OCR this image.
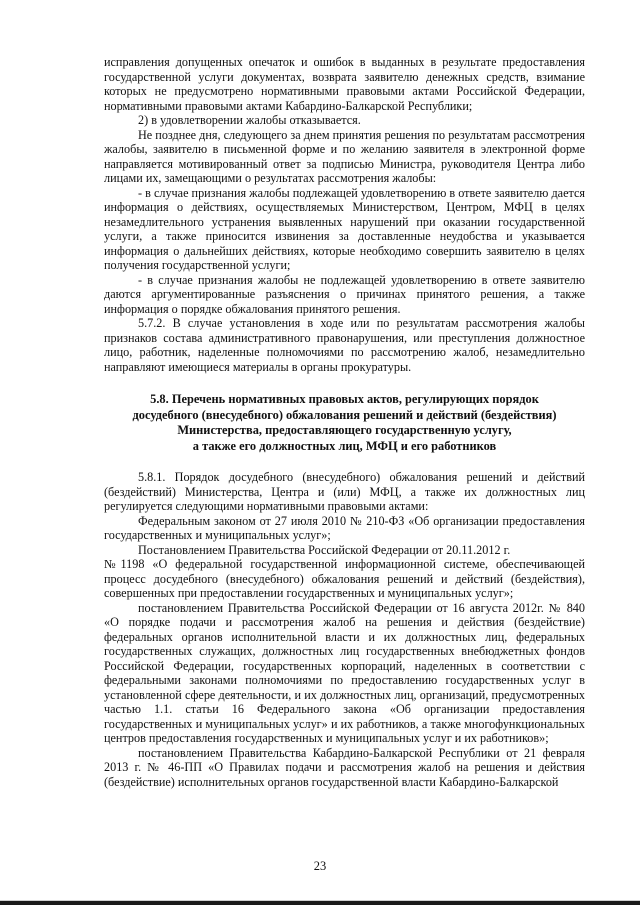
исправления допущенных опечаток и ошибок в выданных в результате предоставления государственной услуги документах, возврата заявителю денежных средств, взимание которых не предусмотрено нормативными правовыми актами Российской Федерации, нормативными правовыми актами Кабардино-Балкарской Республики;

2) в удовлетворении жалобы отказывается.

Не позднее дня, следующего за днем принятия решения по результатам рассмотрения жалобы, заявителю в письменной форме и по желанию заявителя в электронной форме направляется мотивированный ответ за подписью Министра, руководителя Центра либо лицами их, замещающими о результатах рассмотрения жалобы:

- в случае признания жалобы подлежащей удовлетворению в ответе заявителю дается информация о действиях, осуществляемых Министерством, Центром, МФЦ в целях незамедлительного устранения выявленных нарушений при оказании государственной услуги, а также приносится извинения за доставленные неудобства и указывается информация о дальнейших действиях, которые необходимо совершить заявителю в целях получения государственной услуги;

- в случае признания жалобы не подлежащей удовлетворению в ответе заявителю даются аргументированные разъяснения о причинах принятого решения, а также информация о порядке обжалования принятого решения.

5.7.2. В случае установления в ходе или по результатам рассмотрения жалобы признаков состава административного правонарушения, или преступления должностное лицо, работник, наделенные полномочиями по рассмотрению жалоб, незамедлительно направляют имеющиеся материалы в органы прокуратуры.

5.8. Перечень нормативных правовых актов, регулирующих порядок
досудебного (внесудебного) обжалования решений и действий (бездействия)
Министерства, предоставляющего государственную услугу,
а также его должностных лиц, МФЦ и его работников

5.8.1. Порядок досудебного (внесудебного) обжалования решений и действий (бездействий) Министерства, Центра и (или) МФЦ, а также их должностных лиц регулируется следующими нормативными правовыми актами:

Федеральным законом от 27 июля 2010 № 210-ФЗ «Об организации предоставления государственных и муниципальных услуг»;

Постановлением Правительства Российской Федерации от 20.11.2012 г.

№1198 «О федеральной государственной информационной системе, обеспечивающей процесс досудебного (внесудебного) обжалования решений и действий (бездействия), совершенных при предоставлении государственных и муниципальных услуг»;

постановлением Правительства Российской Федерации от 16 августа 2012г. № 840 «О порядке подачи и рассмотрения жалоб на решения и действия (бездействие) федеральных органов исполнительной власти и их должностных лиц, федеральных государственных служащих, должностных лиц государственных внебюджетных фондов Российской Федерации, государственных корпораций, наделенных в соответствии с федеральными законами полномочиями по предоставлению государственных услуг в установленной сфере деятельности, и их должностных лиц, организаций, предусмотренных частью 1.1. статьи 16 Федерального закона «Об организации предоставления государственных и муниципальных услуг» и их работников, а также многофункциональных центров предоставления государственных и муниципальных услуг и их работников»;

постановлением Правительства Кабардино-Балкарской Республики от 21 февраля 2013 г. № 46-ПП «О Правилах подачи и рассмотрения жалоб на решения и действия (бездействие) исполнительных органов государственной власти Кабардино-Балкарской

23
